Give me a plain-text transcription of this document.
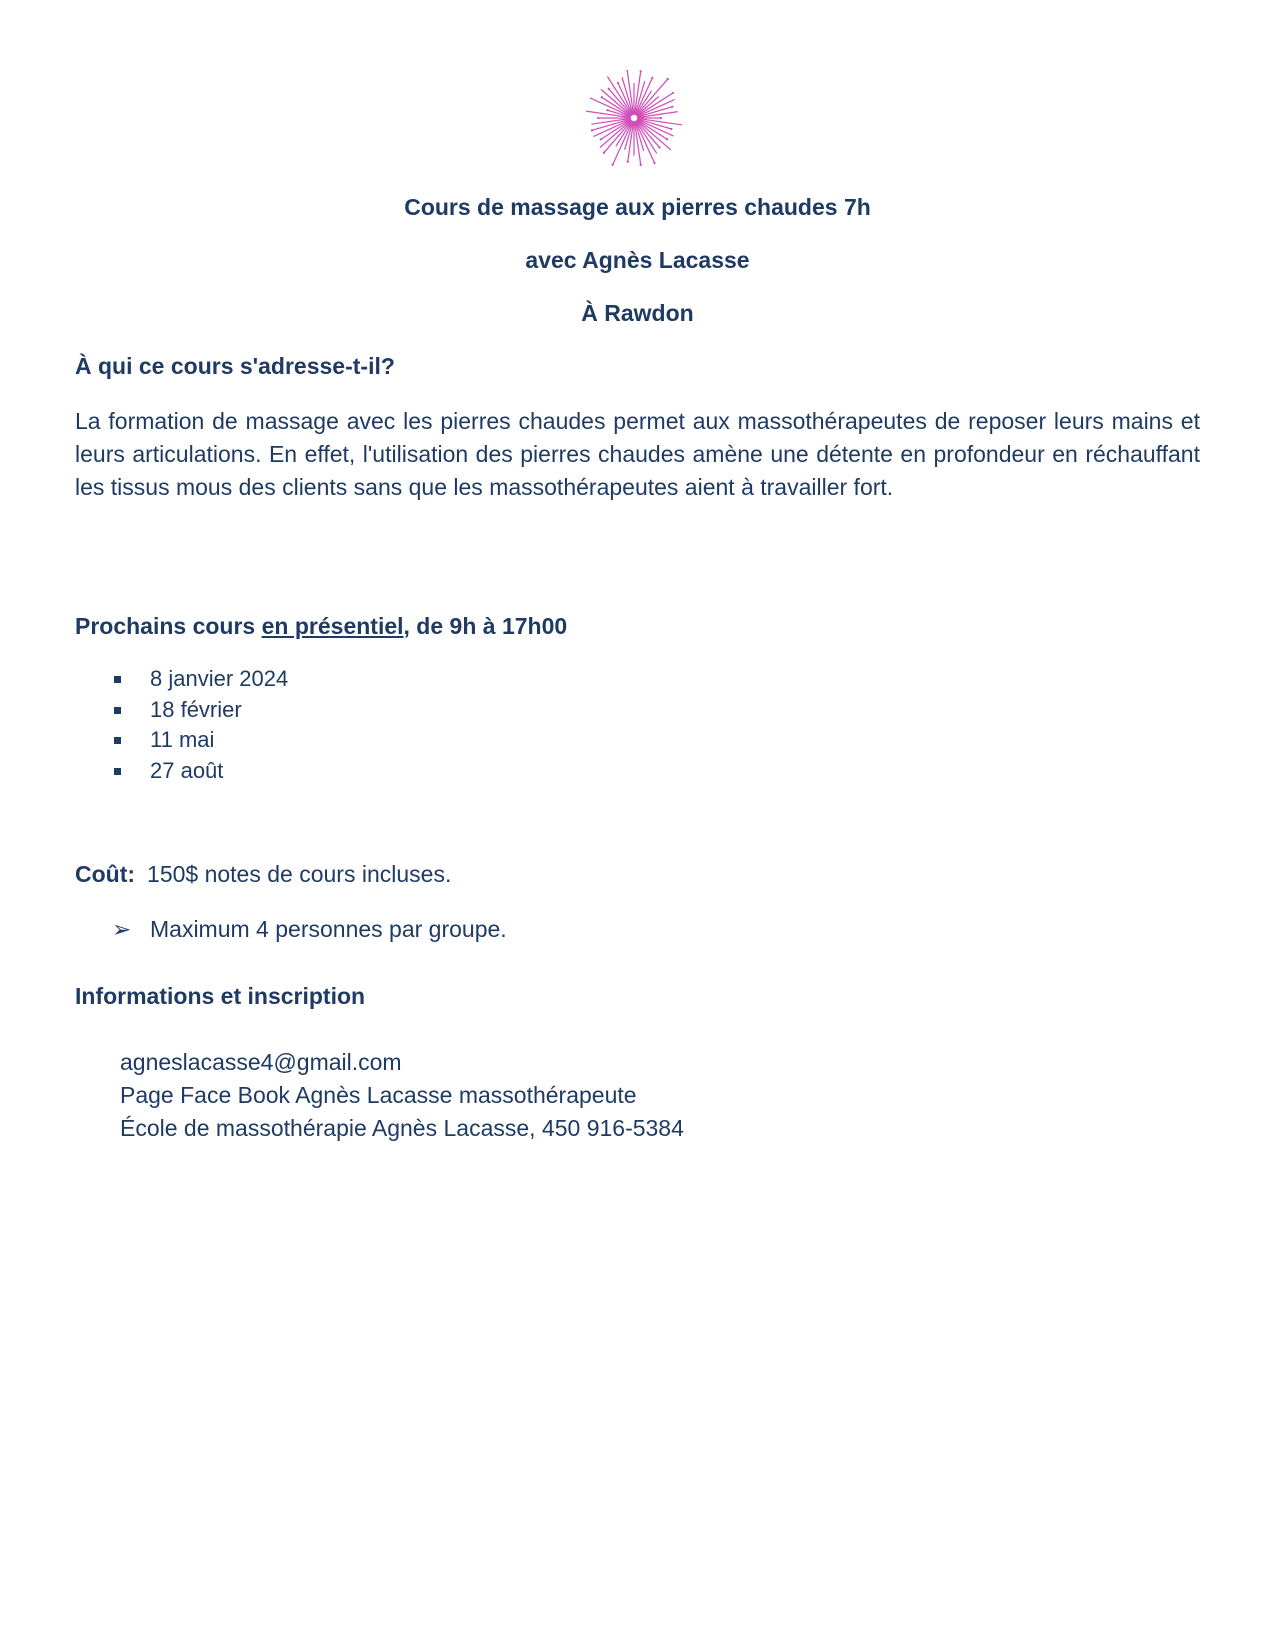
Cours de massage aux pierres chaudes 7h
avec Agnès Lacasse
À Rawdon
À qui ce cours s'adresse-t-il?
La formation de massage avec les pierres chaudes permet aux massothérapeutes de reposer leurs mains et leurs articulations. En effet, l'utilisation des pierres chaudes amène une détente en profondeur en réchauffant les tissus mous des clients sans que les massothérapeutes aient à travailler fort.
Prochains cours en présentiel, de 9h à 17h00
8 janvier 2024
18 février
11 mai
27 août
Coût: 150$ notes de cours incluses.
➢ Maximum 4 personnes par groupe.
Informations et inscription
agneslacasse4@gmail.com
Page Face Book Agnès Lacasse massothérapeute
École de massothérapie Agnès Lacasse, 450 916-5384
